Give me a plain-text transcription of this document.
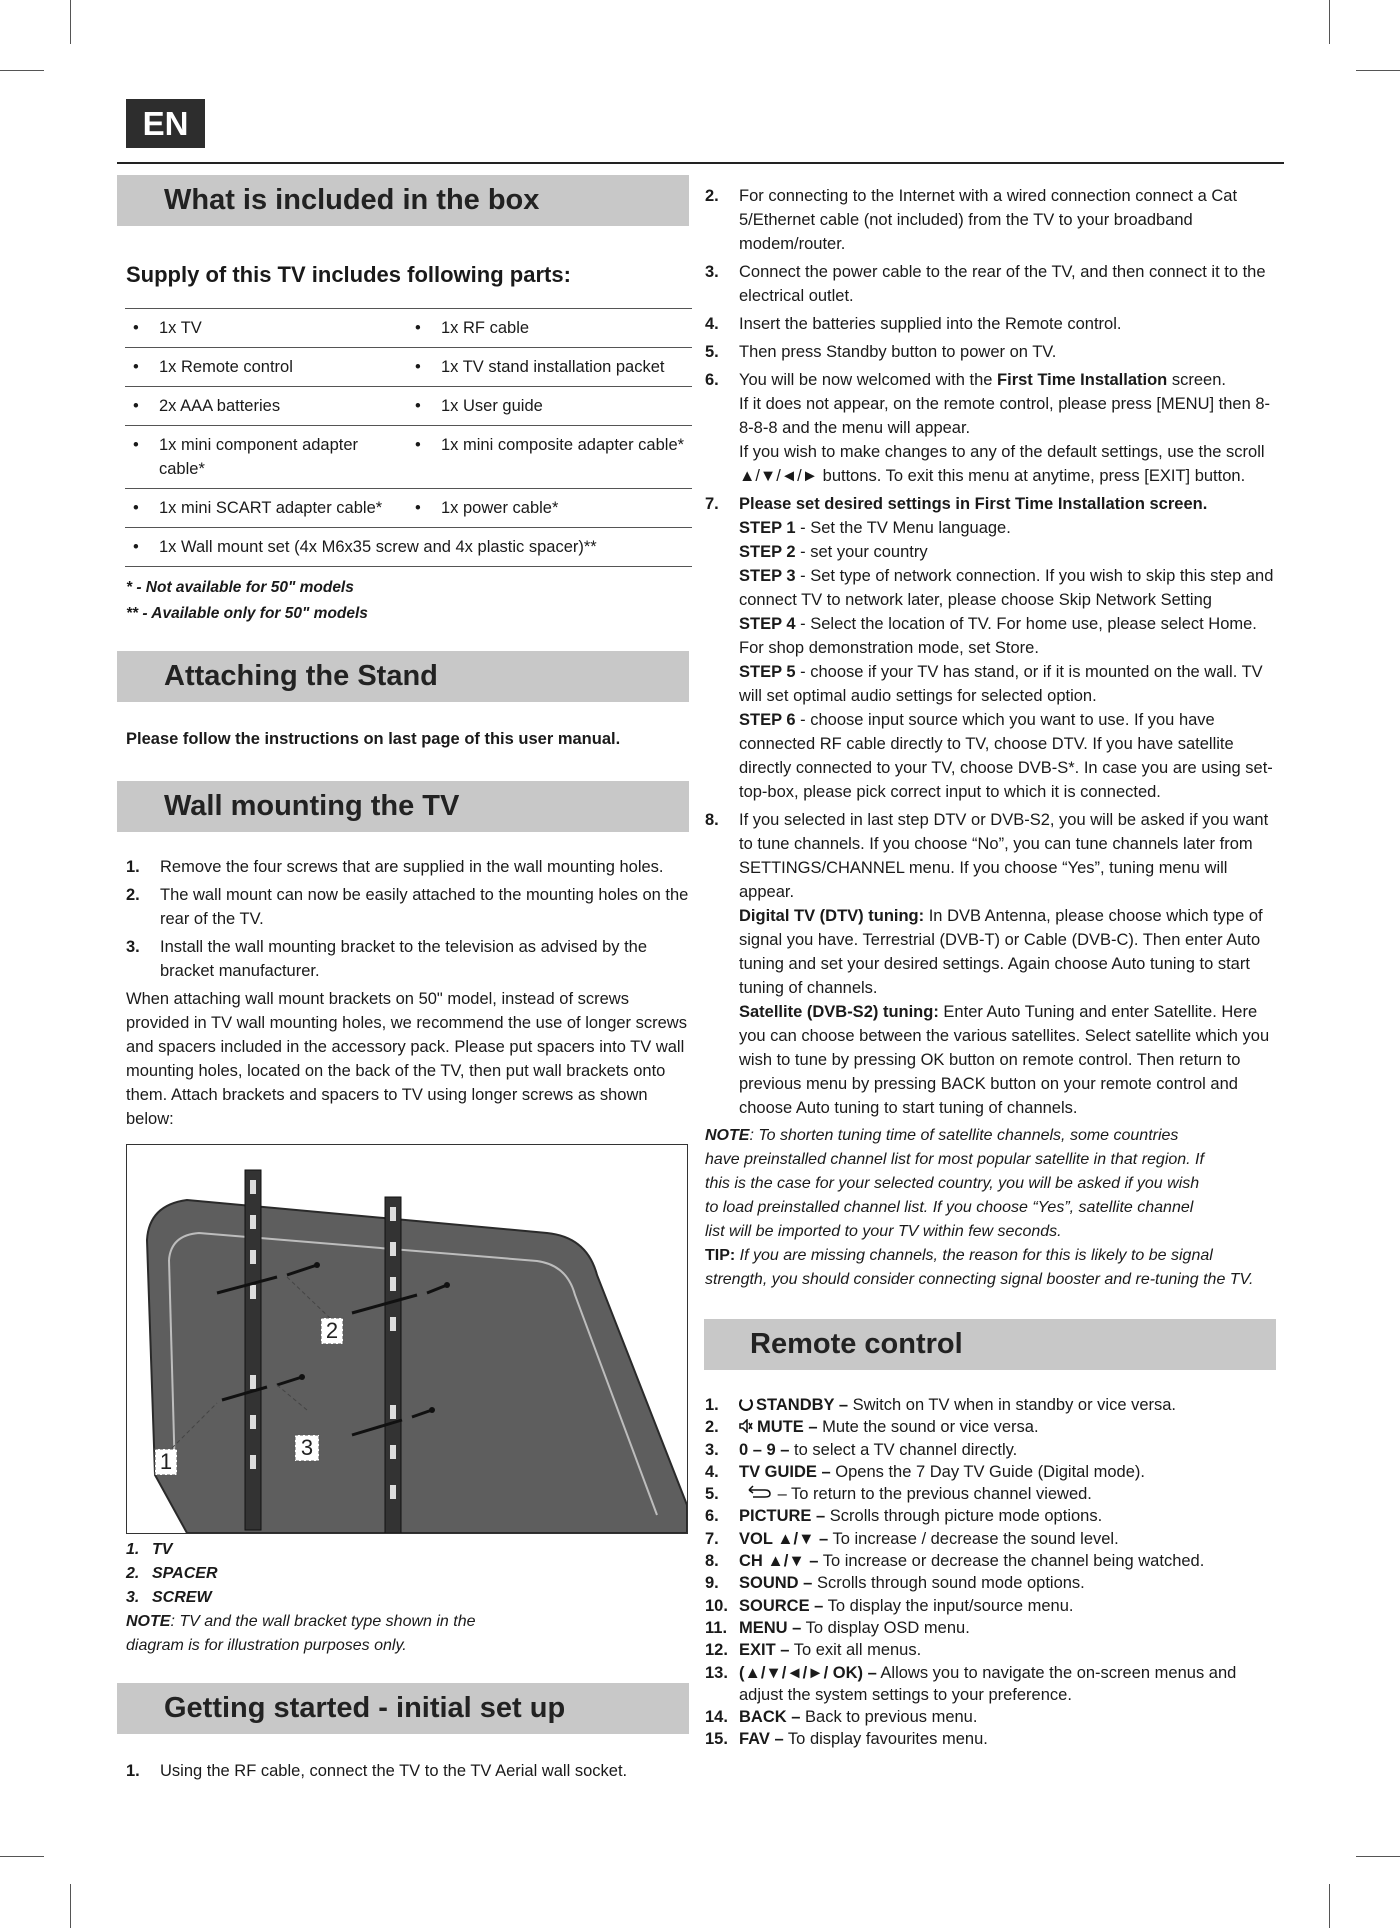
EN
What is included in the box
Supply of this TV includes following parts:
•	1x TV	•	1x RF cable
•	1x Remote control	•	1x TV stand installation packet
•	2x AAA batteries	•	1x User guide
•	1x mini component adapter cable*	•	1x mini composite adapter cable*
•	1x mini SCART adapter cable*	•	1x power cable*
•	1x Wall mount set (4x M6x35 screw and 4x plastic spacer)**		
* - Not available for 50" models
** - Available only for 50" models
Attaching the Stand
Please follow the instructions on last page of this user manual.
Wall mounting the TV
1. Remove the four screws that are supplied in the wall mounting holes.
2. The wall mount can now be easily attached to the mounting holes on the rear of the TV.
3. Install the wall mounting bracket to the television as advised by the bracket manufacturer.
When attaching wall mount brackets on 50" model, instead of screws provided in TV wall mounting holes, we recommend the use of longer screws and spacers included in the accessory pack. Please put spacers into TV wall mounting holes, located on the back of the TV, then put wall brackets onto them. Attach brackets and spacers to TV using longer screws as shown below:
2
3
1
1. TV
2. SPACER
3. SCREW
NOTE: TV and the wall bracket type shown in the diagram is for illustration purposes only.
Getting started - initial set up
1. Using the RF cable, connect the TV to the TV Aerial wall socket.
2. For connecting to the Internet with a wired connection connect a Cat 5/Ethernet cable (not included) from the TV to your broadband modem/router.
3. Connect the power cable to the rear of the TV, and then connect it to the electrical outlet.
4. Insert the batteries supplied into the Remote control.
5. Then press Standby button to power on TV.
6. You will be now welcomed with the First Time Installation screen.
If it does not appear, on the remote control, please press [MENU] then 8-8-8-8 and the menu will appear.
If you wish to make changes to any of the default settings, use the scroll ▲/▼/◄/► buttons. To exit this menu at anytime, press [EXIT] button.
7. Please set desired settings in First Time Installation screen.
STEP 1 - Set the TV Menu language.
STEP 2 - set your country
STEP 3 - Set type of network connection. If you wish to skip this step and connect TV to network later, please choose Skip Network Setting
STEP 4 - Select the location of TV. For home use, please select Home. For shop demonstration mode, set Store.
STEP 5 - choose if your TV has stand, or if it is mounted on the wall. TV will set optimal audio settings for selected option.
STEP 6 - choose input source which you want to use. If you have connected RF cable directly to TV, choose DTV. If you have satellite directly connected to your TV, choose DVB-S*. In case you are using set-top-box, please pick correct input to which it is connected.
8. If you selected in last step DTV or DVB-S2, you will be asked if you want to tune channels. If you choose “No”, you can tune channels later from SETTINGS/CHANNEL menu. If you choose “Yes”, tuning menu will appear.
Digital TV (DTV) tuning: In DVB Antenna, please choose which type of signal you have. Terrestrial (DVB-T) or Cable (DVB-C). Then enter Auto tuning and set your desired settings. Again choose Auto tuning to start tuning of channels.
Satellite (DVB-S2) tuning: Enter Auto Tuning and enter Satellite. Here you can choose between the various satellites. Select satellite which you wish to tune by pressing OK button on remote control. Then return to previous menu by pressing BACK button on your remote control and choose Auto tuning to start tuning of channels.
NOTE: To shorten tuning time of satellite channels, some countries have preinstalled channel list for most popular satellite in that region. If this is the case for your selected country, you will be asked if you wish to load preinstalled channel list. If you choose “Yes”, satellite channel list will be imported to your TV within few seconds.
TIP: If you are missing channels, the reason for this is likely to be signal strength, you should consider connecting signal booster and re-tuning the TV.
Remote control
1. STANDBY – Switch on TV when in standby or vice versa.
2. MUTE – Mute the sound or vice versa.
3. 0 – 9 – to select a TV channel directly.
4. TV GUIDE – Opens the 7 Day TV Guide (Digital mode).
5.	– To return to the previous channel viewed.
6. PICTURE – Scrolls through picture mode options.
7. VOL ▲/▼ – To increase / decrease the sound level.
8. CH ▲/▼ – To increase or decrease the channel being watched.
9. SOUND – Scrolls through sound mode options.
10. SOURCE – To display the input/source menu.
11. MENU – To display OSD menu.
12. EXIT – To exit all menus.
13. (▲/▼/◄/►/ OK) – Allows you to navigate the on-screen menus and adjust the system settings to your preference.
14. BACK – Back to previous menu.
15. FAV – To display favourites menu.
